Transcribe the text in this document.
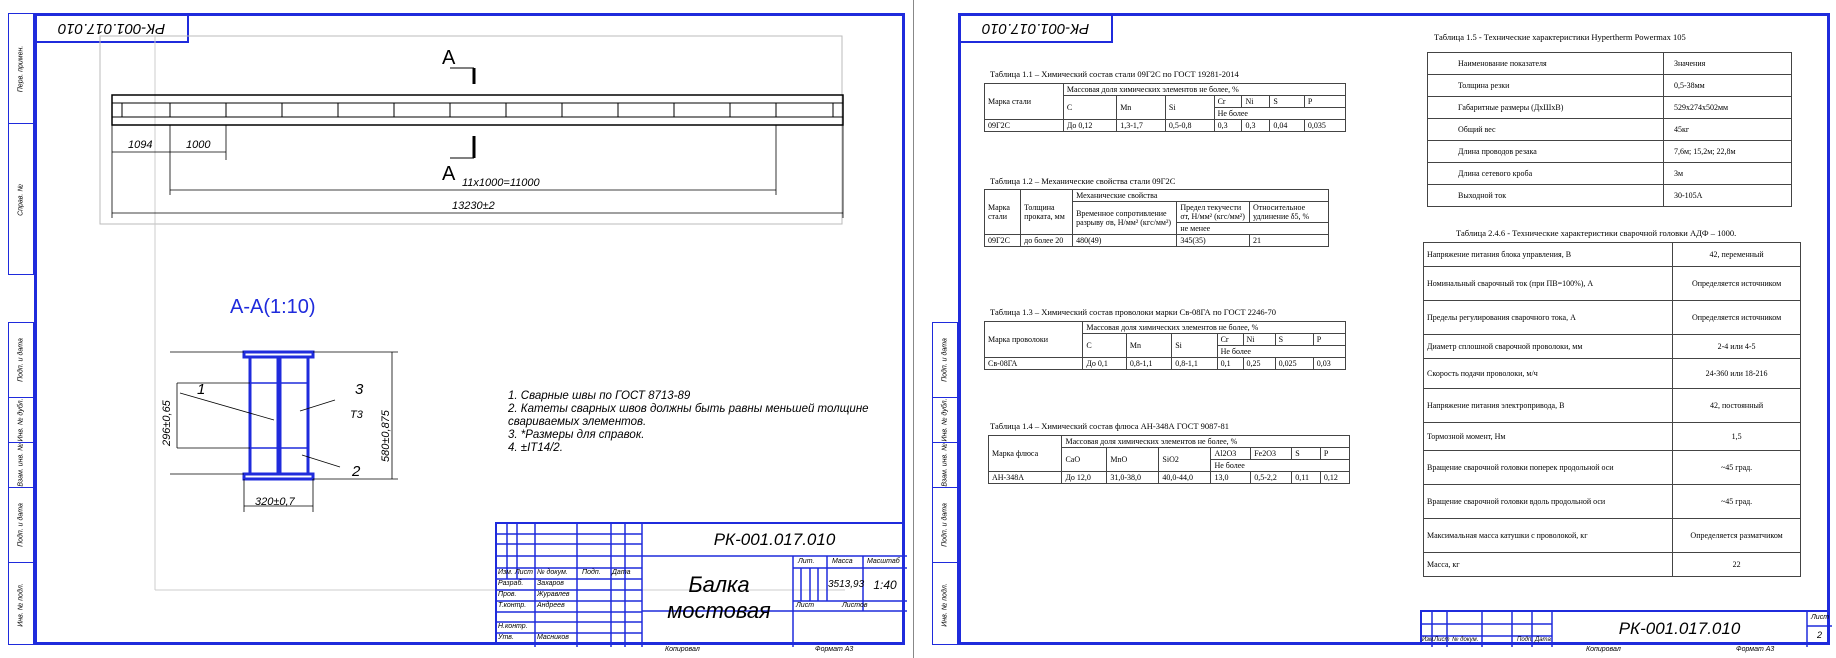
Перв. примен.
Справ. №
Подп. и дата
Инв. № дубл.
Взам. инв. №
Подп. и дата
Инв. № подл.
РК-001.017.010
1094	1000
11x1000=11000
13230±2
А
А
А-А(1:10)
1	3
Т3
2
296±0,65	580±0,875
320±0,7
1. Сварные швы по ГОСТ 8713-89
2. Катеты сварных швов должны быть равны меньшей толщине свариваемых элементов.
3. *Размеры для справок.
4. ±IT14/2.
Изм. Лист № докум. Подп. Дата
Разраб. Захаров
Пров.	Журавлев
Т.контр. Андреев
Н.контр.
Утв.	Масников
РК-001.017.010
Балка мостовая
Лит.	Масса Масштаб
3513,93 1:40
Лист	Листов
Копировал	Формат А3
Подп. и дата
Инв. № дубл.
Взам. инв. №
Подп. и дата
Инв. № подл.
РК-001.017.010
Таблица 1.1 – Химический состав стали 09Г2С по ГОСТ 19281-2014
Марка стали	Массовая доля химических элементов не более, %						
	C	Mn	Si	Cr	Ni	S	P
				Не более			
09Г2С	До 0,12	1,3-1,7	0,5-0,8	0,3	0,3	0,04	0,035
Таблица 1.2 – Механические свойства стали 09Г2С
Марка стали	Толщина проката, мм	Механические свойства		
		Временное сопротивление разрыву σв, Н/мм² (кгс/мм²)	Предел текучести σт, Н/мм² (кгс/мм²)	Относительное удлинение δ5, %
			не менее	
09Г2С	до более 20	480(49)	345(35)	21
Таблица 1.3 – Химический состав проволоки марки Св-08ГА по ГОСТ 2246-70
Марка проволоки	Массовая доля химических элементов не более, %						
	C	Mn	Si	Cr	Ni	S	P
				Не более			
Св-08ГА	До 0,1	0,8-1,1	0,8-1,1	0,1	0,25	0,025	0,03
Таблица 1.4 – Химический состав флюса АН-348А ГОСТ 9087-81
Марка флюса	Массовая доля химических элементов не более, %						
	CaO	MnO	SiO2	Al2O3	Fe2O3	S	P
				Не более			
АН-348А	До 12,0	31,0-38,0	40,0-44,0	13,0	0,5-2,2	0,11	0,12
Таблица 1.5 - Технические характеристики Hypertherm Powermax 105
Наименование показателя	Значения
Толщина резки	0,5-38мм
Габаритные размеры (ДхШхВ)	529х274х502мм
Общий вес	45кг
Длина проводов резака	7,6м; 15,2м; 22,8м
Длина сетевого кроба	3м
Выходной ток	30-105А
Таблица 2.4.6 - Технические характеристики сварочной головки АДФ – 1000.
Напряжение питания блока управления, В	42, переменный
Номинальный сварочный ток (при ПВ=100%), А	Определяется источником
Пределы регулирования сварочного тока, А	Определяется источником
Диаметр сплошной сварочной проволоки, мм	2-4 или 4-5
Скорость подачи проволоки, м/ч	24-360 или 18-216
Напряжение питания электропривода, В	42, постоянный
Тормозной момент, Нм	1,5
Вращение сварочной головки поперек продольной оси	~45 град.
Вращение сварочной головки вдоль продольной оси	~45 град.
Максимальная масса катушки с проволокой, кг	Определяется разматчиком
Масса, кг	22
Изм. Лист № докум.	Подп. Дата
РК-001.017.010
Лист
2
Копировал	Формат А3
